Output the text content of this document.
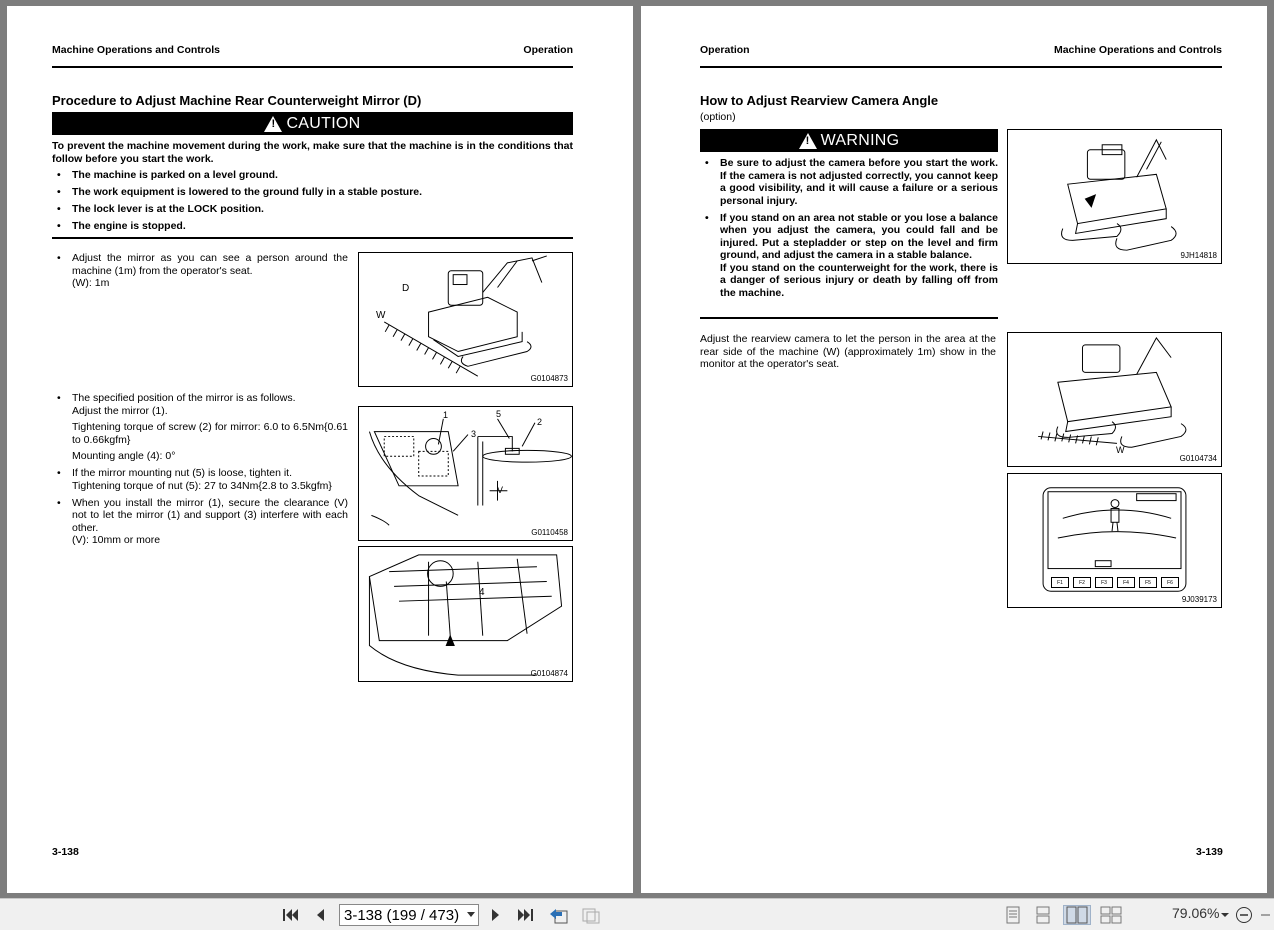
Machine Operations and Controls	Operation
Procedure to Adjust Machine Rear Counterweight Mirror (D)
!
CAUTION
To prevent the machine movement during the work, make sure that the machine is in the conditions that follow before you start the work.
• The machine is parked on a level ground.
• The work equipment is lowered to the ground fully in a stable posture.
• The lock lever is at the LOCK position.
• The engine is stopped.
• Adjust the mirror as you can see a person around the machine (1m) from the operator's seat.
(W): 1m	D
W
G0104873
• The specified position of the mirror is as follows.
Adjust the mirror (1).
Tightening torque of screw (2) for mirror: 6.0 to 6.5Nm{0.61 to 0.66kgfm}
Mounting angle (4): 0°
• If the mirror mounting nut (5) is loose, tighten it.
Tightening torque of nut (5): 27 to 34Nm{2.8 to 3.5kgfm}
• When you install the mirror (1), secure the clearance (V) not to let the mirror (1) and support (3) interfere with each other.
(V): 10mm or more
1
3
5
2
V
G0110458
4
G0104874
3-138
Operation	Machine Operations and Controls
How to Adjust Rearview Camera Angle
(option)
!
WARNING
• Be sure to adjust the camera before you start the work. If the camera is not adjusted correctly, you cannot keep a good visibility, and it will cause a failure or a serious personal injury.
• If you stand on an area not stable or you lose a balance when you adjust the camera, you could fall and be injured. Put a stepladder or step on the level and firm ground, and adjust the camera in a stable balance.
If you stand on the counterweight for the work, there is a danger of serious injury or death by falling off from the machine.
Adjust the rearview camera to let the person in the area at the rear side of the machine (W) (approximately 1m) show in the monitor at the operator's seat.
9JH14818
W
G0104734
F1	F2	F3	F4	F5	F6
9J039173
3-139
3-138 (199 / 473)	79.06%
